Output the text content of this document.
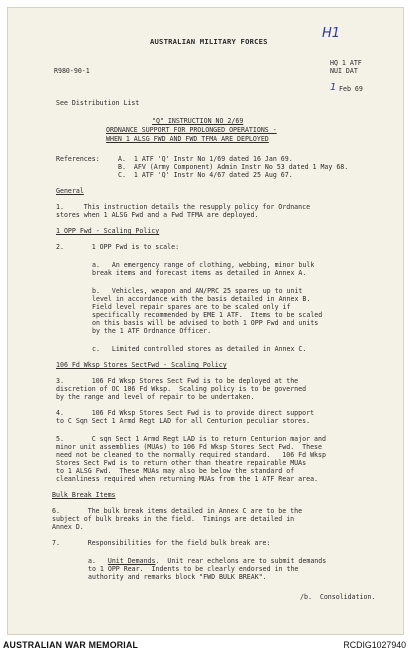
AUSTRALIAN MILITARY FORCES
H1
R980-90-1
HQ 1 ATF
NUI DAT
1 Feb 69
See Distribution List
"Q" INSTRUCTION NO 2/69
ORDNANCE SUPPORT FOR PROLONGED OPERATIONS -
WHEN 1 ALSG FWD AND FWD TFMA ARE DEPLOYED
References:	A.  1 ATF 'Q' Instr No 1/69 dated 16 Jan 69.
B.  AFV (Army Component) Admin Instr No 53 dated 1 May 68.
C.  1 ATF 'Q' Instr No 4/67 dated 25 Aug 67.
General
1.     This instruction details the resupply policy for Ordnance
stores when 1 ALSG Fwd and a Fwd TFMA are deployed.
1 OPP Fwd - Scaling Policy
2.       1 OPP Fwd is to scale:
a.   An emergency range of clothing, webbing, minor bulk
break items and forecast items as detailed in Annex A.
b.   Vehicles, weapon and AN/PRC 25 spares up to unit
level in accordance with the basis detailed in Annex B.
Field level repair spares are to be scaled only if
specifically recommended by EME 1 ATF.  Items to be scaled
on this basis will be advised to both 1 OPP Fwd and units
by the 1 ATF Ordnance Officer.
c.   Limited controlled stores as detailed in Annex C.
106 Fd Wksp Stores SectFwd - Scaling Policy
3.       106 Fd Wksp Stores Sect Fwd is to be deployed at the
discretion of OC 106 Fd Wksp.  Scaling policy is to be governed
by the range and level of repair to be undertaken.
4.       106 Fd Wksp Stores Sect Fwd is to provide direct support
to C Sqn Sect 1 Armd Regt LAD for all Centurion peculiar stores.
5.       C sqn Sect 1 Armd Regt LAD is to return Centurion major and
minor unit assemblies (MUAs) to 106 Fd Wksp Stores Sect Fwd.  These
need not be cleaned to the normally required standard.   106 Fd Wksp
Stores Sect Fwd is to return other than theatre repairable MUAs
to 1 ALSG Fwd.  These MUAs may also be below the standard of
cleanliness required when returning MUAs from the 1 ATF Rear area.
Bulk Break Items
6.       The bulk break items detailed in Annex C are to be the
subject of bulk breaks in the field.  Timings are detailed in
Annex D.
7.       Responsibilities for the field bulk break are:
a.   Unit Demands.  Unit rear echelons are to submit demands
to 1 OPP Rear.  Indents to be clearly endorsed in the
authority and remarks block "FWD BULK BREAK".
/b.  Consolidation.
AUSTRALIAN WAR MEMORIAL	RCDIG1027940
